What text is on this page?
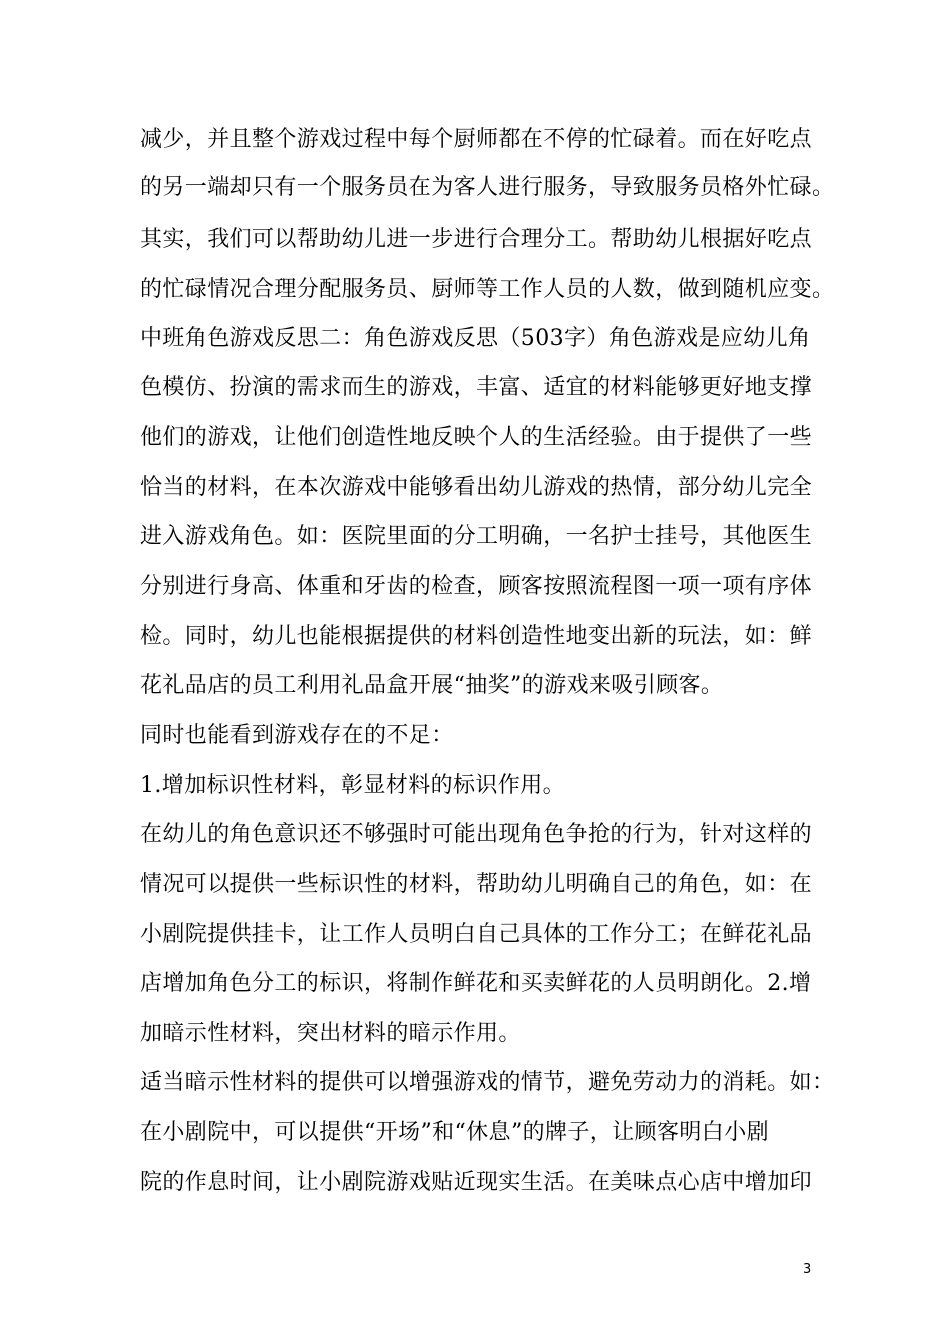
减少，并且整个游戏过程中每个厨师都在不停的忙碌着。而在好吃点
的另一端却只有一个服务员在为客人进行服务，导致服务员格外忙碌。
其实，我们可以帮助幼儿进一步进行合理分工。帮助幼儿根据好吃点
的忙碌情况合理分配服务员、厨师等工作人员的人数，做到随机应变。
中班角色游戏反思二：角色游戏反思（503字）角色游戏是应幼儿角
色模仿、扮演的需求而生的游戏，丰富、适宜的材料能够更好地支撑
他们的游戏，让他们创造性地反映个人的生活经验。由于提供了一些
恰当的材料，在本次游戏中能够看出幼儿游戏的热情，部分幼儿完全
进入游戏角色。如：医院里面的分工明确，一名护士挂号，其他医生
分别进行身高、体重和牙齿的检查，顾客按照流程图一项一项有序体
检。同时，幼儿也能根据提供的材料创造性地变出新的玩法，如：鲜
花礼品店的员工利用礼品盒开展“抽奖”的游戏来吸引顾客。
同时也能看到游戏存在的不足：
1.增加标识性材料，彰显材料的标识作用。
在幼儿的角色意识还不够强时可能出现角色争抢的行为，针对这样的
情况可以提供一些标识性的材料，帮助幼儿明确自己的角色，如：在
小剧院提供挂卡，让工作人员明白自己具体的工作分工；在鲜花礼品
店增加角色分工的标识，将制作鲜花和买卖鲜花的人员明朗化。2.增
加暗示性材料，突出材料的暗示作用。
适当暗示性材料的提供可以增强游戏的情节，避免劳动力的消耗。如：
在小剧院中，可以提供“开场”和“休息”的牌子，让顾客明白小剧
院的作息时间，让小剧院游戏贴近现实生活。在美味点心店中增加印
3
